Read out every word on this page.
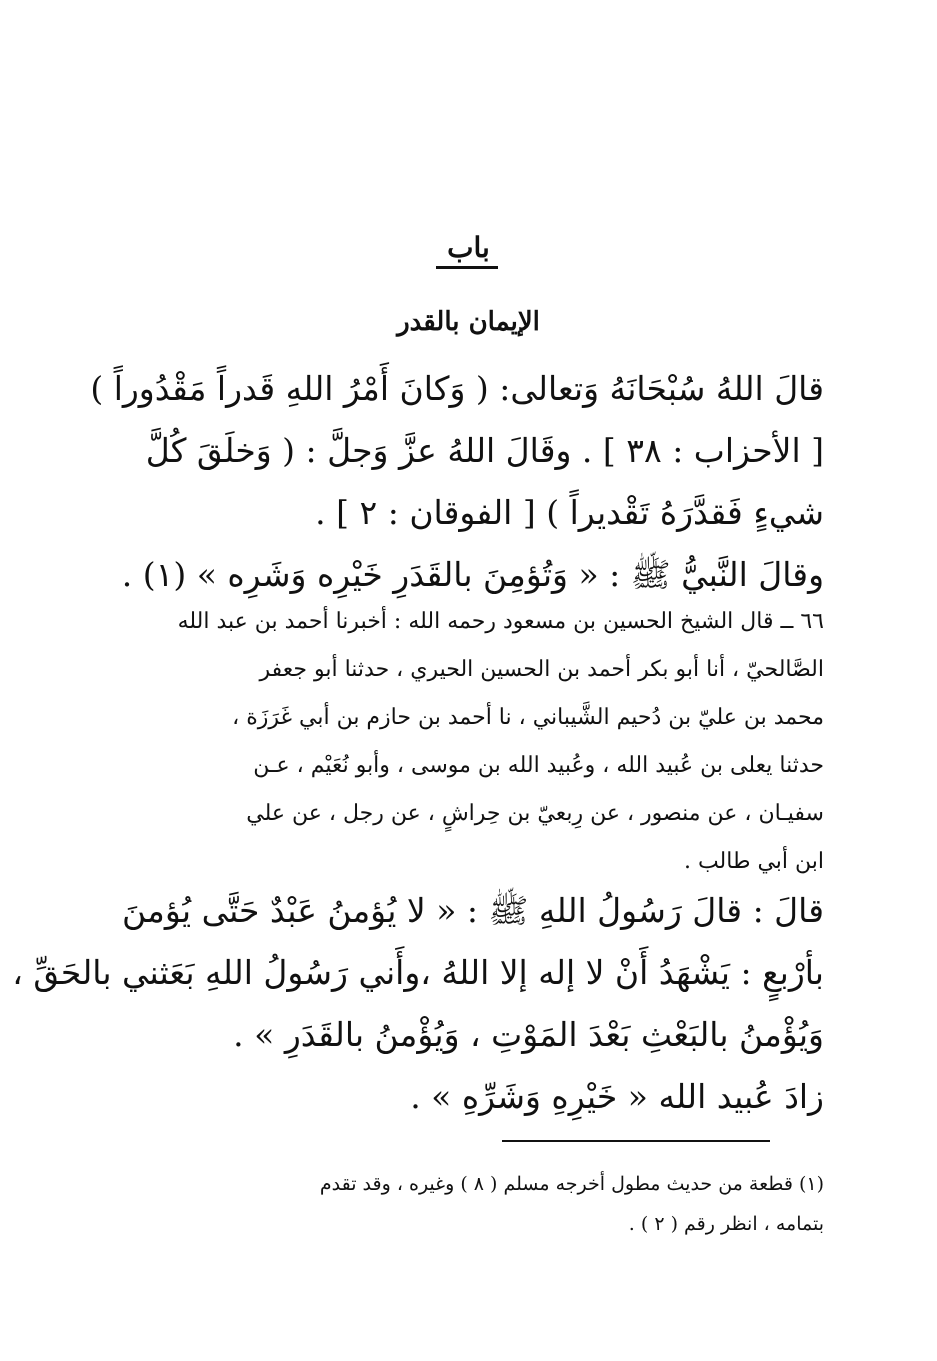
باب
الإيمان بالقدر
قالَ اللهُ سُبْحَانَهُ وَتعالى: ( وَكانَ أَمْرُ اللهِ قَدراً مَقْدُوراً )
[ الأحزاب : ٣٨ ] . وقَالَ اللهُ عزَّ وَجلَّ : ( وَخلَقَ كُلَّ
شيءٍ فَقدَّرَهُ تَقْديراً ) [ الفوقان : ٢ ] .
وقالَ النَّبيُّ ﷺ : « وَتُؤمِنَ بالقَدَرِ خَيْرِه وَشَرِه » (١) .
٦٦ ــ قال الشيخ الحسين بن مسعود رحمه الله : أخبرنا أحمد بن عبد الله
الصَّالحيّ ، أنا أبو بكر أحمد بن الحسين الحيري ، حدثنا أبو جعفر
محمد بن عليّ بن دُحيم الشَّيباني ، نا أحمد بن حازم بن أبي غَرَزَة ،
حدثنا يعلى بن عُبيد الله ، وعُبيد الله بن موسى ، وأبو نُعَيْم ، عـن
سفيـان ، عن منصور ، عن رِبعيّ بن حِراشٍ ، عن رجل ، عن علي
ابن أبي طالب .
قالَ : قالَ رَسُولُ اللهِ ﷺ : « لا يُؤمنُ عَبْدٌ حَتَّى يُؤمنَ
بأرْبعٍ : يَشْهَدُ أَنْ لا إله إلا اللهُ ،وأَني رَسُولُ اللهِ بَعَثني بالحَقِّ ،
وَيُؤْمنُ بالبَعْثِ بَعْدَ المَوْتِ ، وَيُؤْمنُ بالقَدَرِ » .
زادَ عُبيد الله « خَيْرِهِ وَشَرِّهِ » .
(١) قطعة من حديث مطول أخرجه مسلم ( ٨ ) وغيره ، وقد تقدم
بتمامه ، انظر رقم ( ٢ ) .
